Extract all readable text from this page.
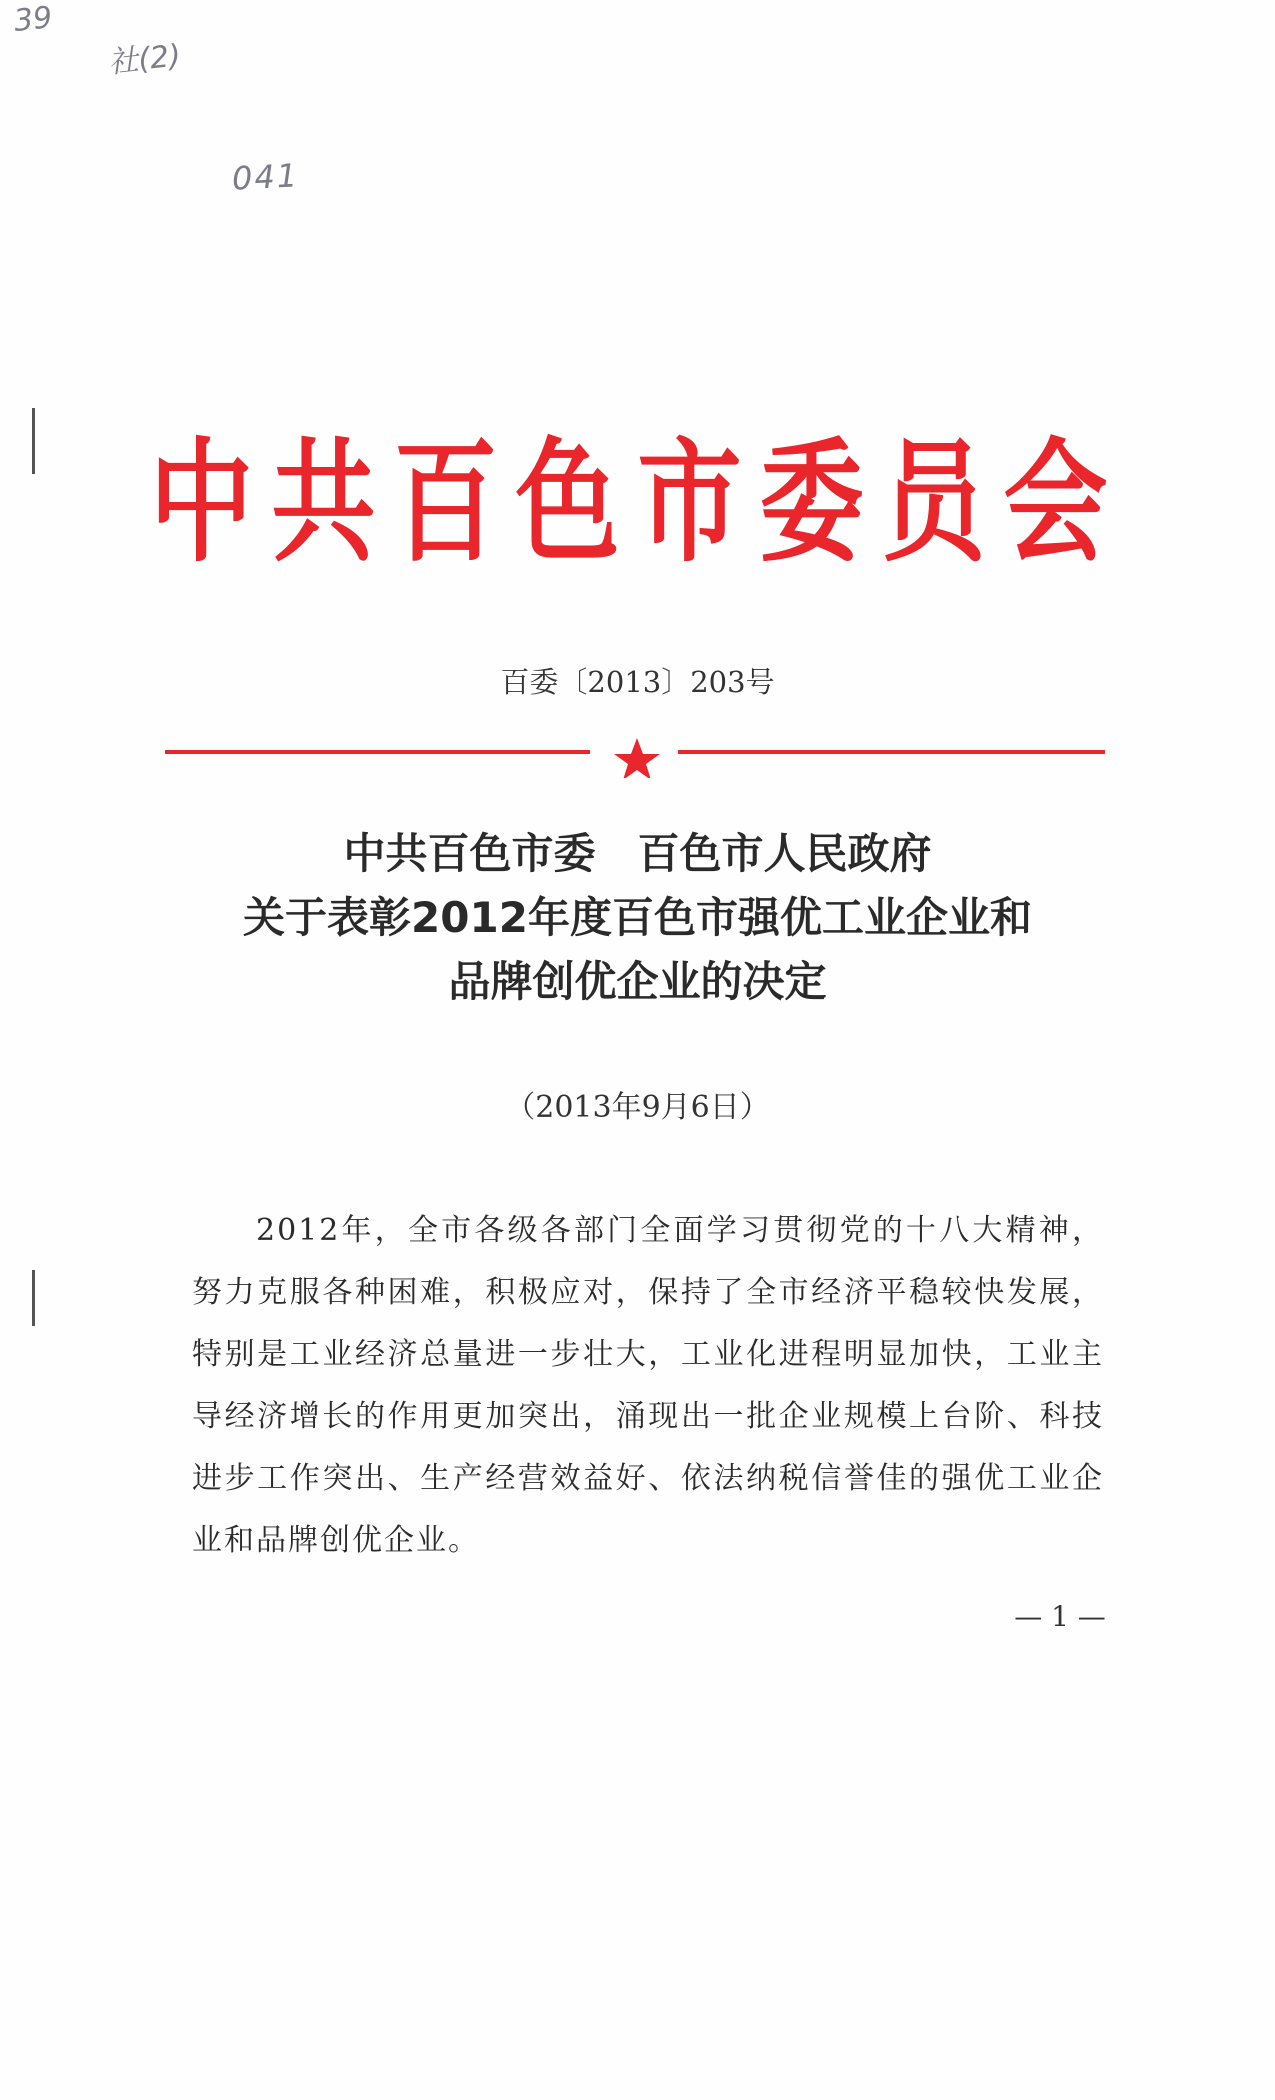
39
社(2)
041
中共百色市委员会
百委〔2013〕203号
中共百色市委　百色市人民政府
关于表彰2012年度百色市强优工业企业和
品牌创优企业的决定
（2013年9月6日）
2012年，全市各级各部门全面学习贯彻党的十八大精神，努力克服各种困难，积极应对，保持了全市经济平稳较快发展，特别是工业经济总量进一步壮大，工业化进程明显加快，工业主导经济增长的作用更加突出，涌现出一批企业规模上台阶、科技进步工作突出、生产经营效益好、依法纳税信誉佳的强优工业企业和品牌创优企业。
— 1 —
